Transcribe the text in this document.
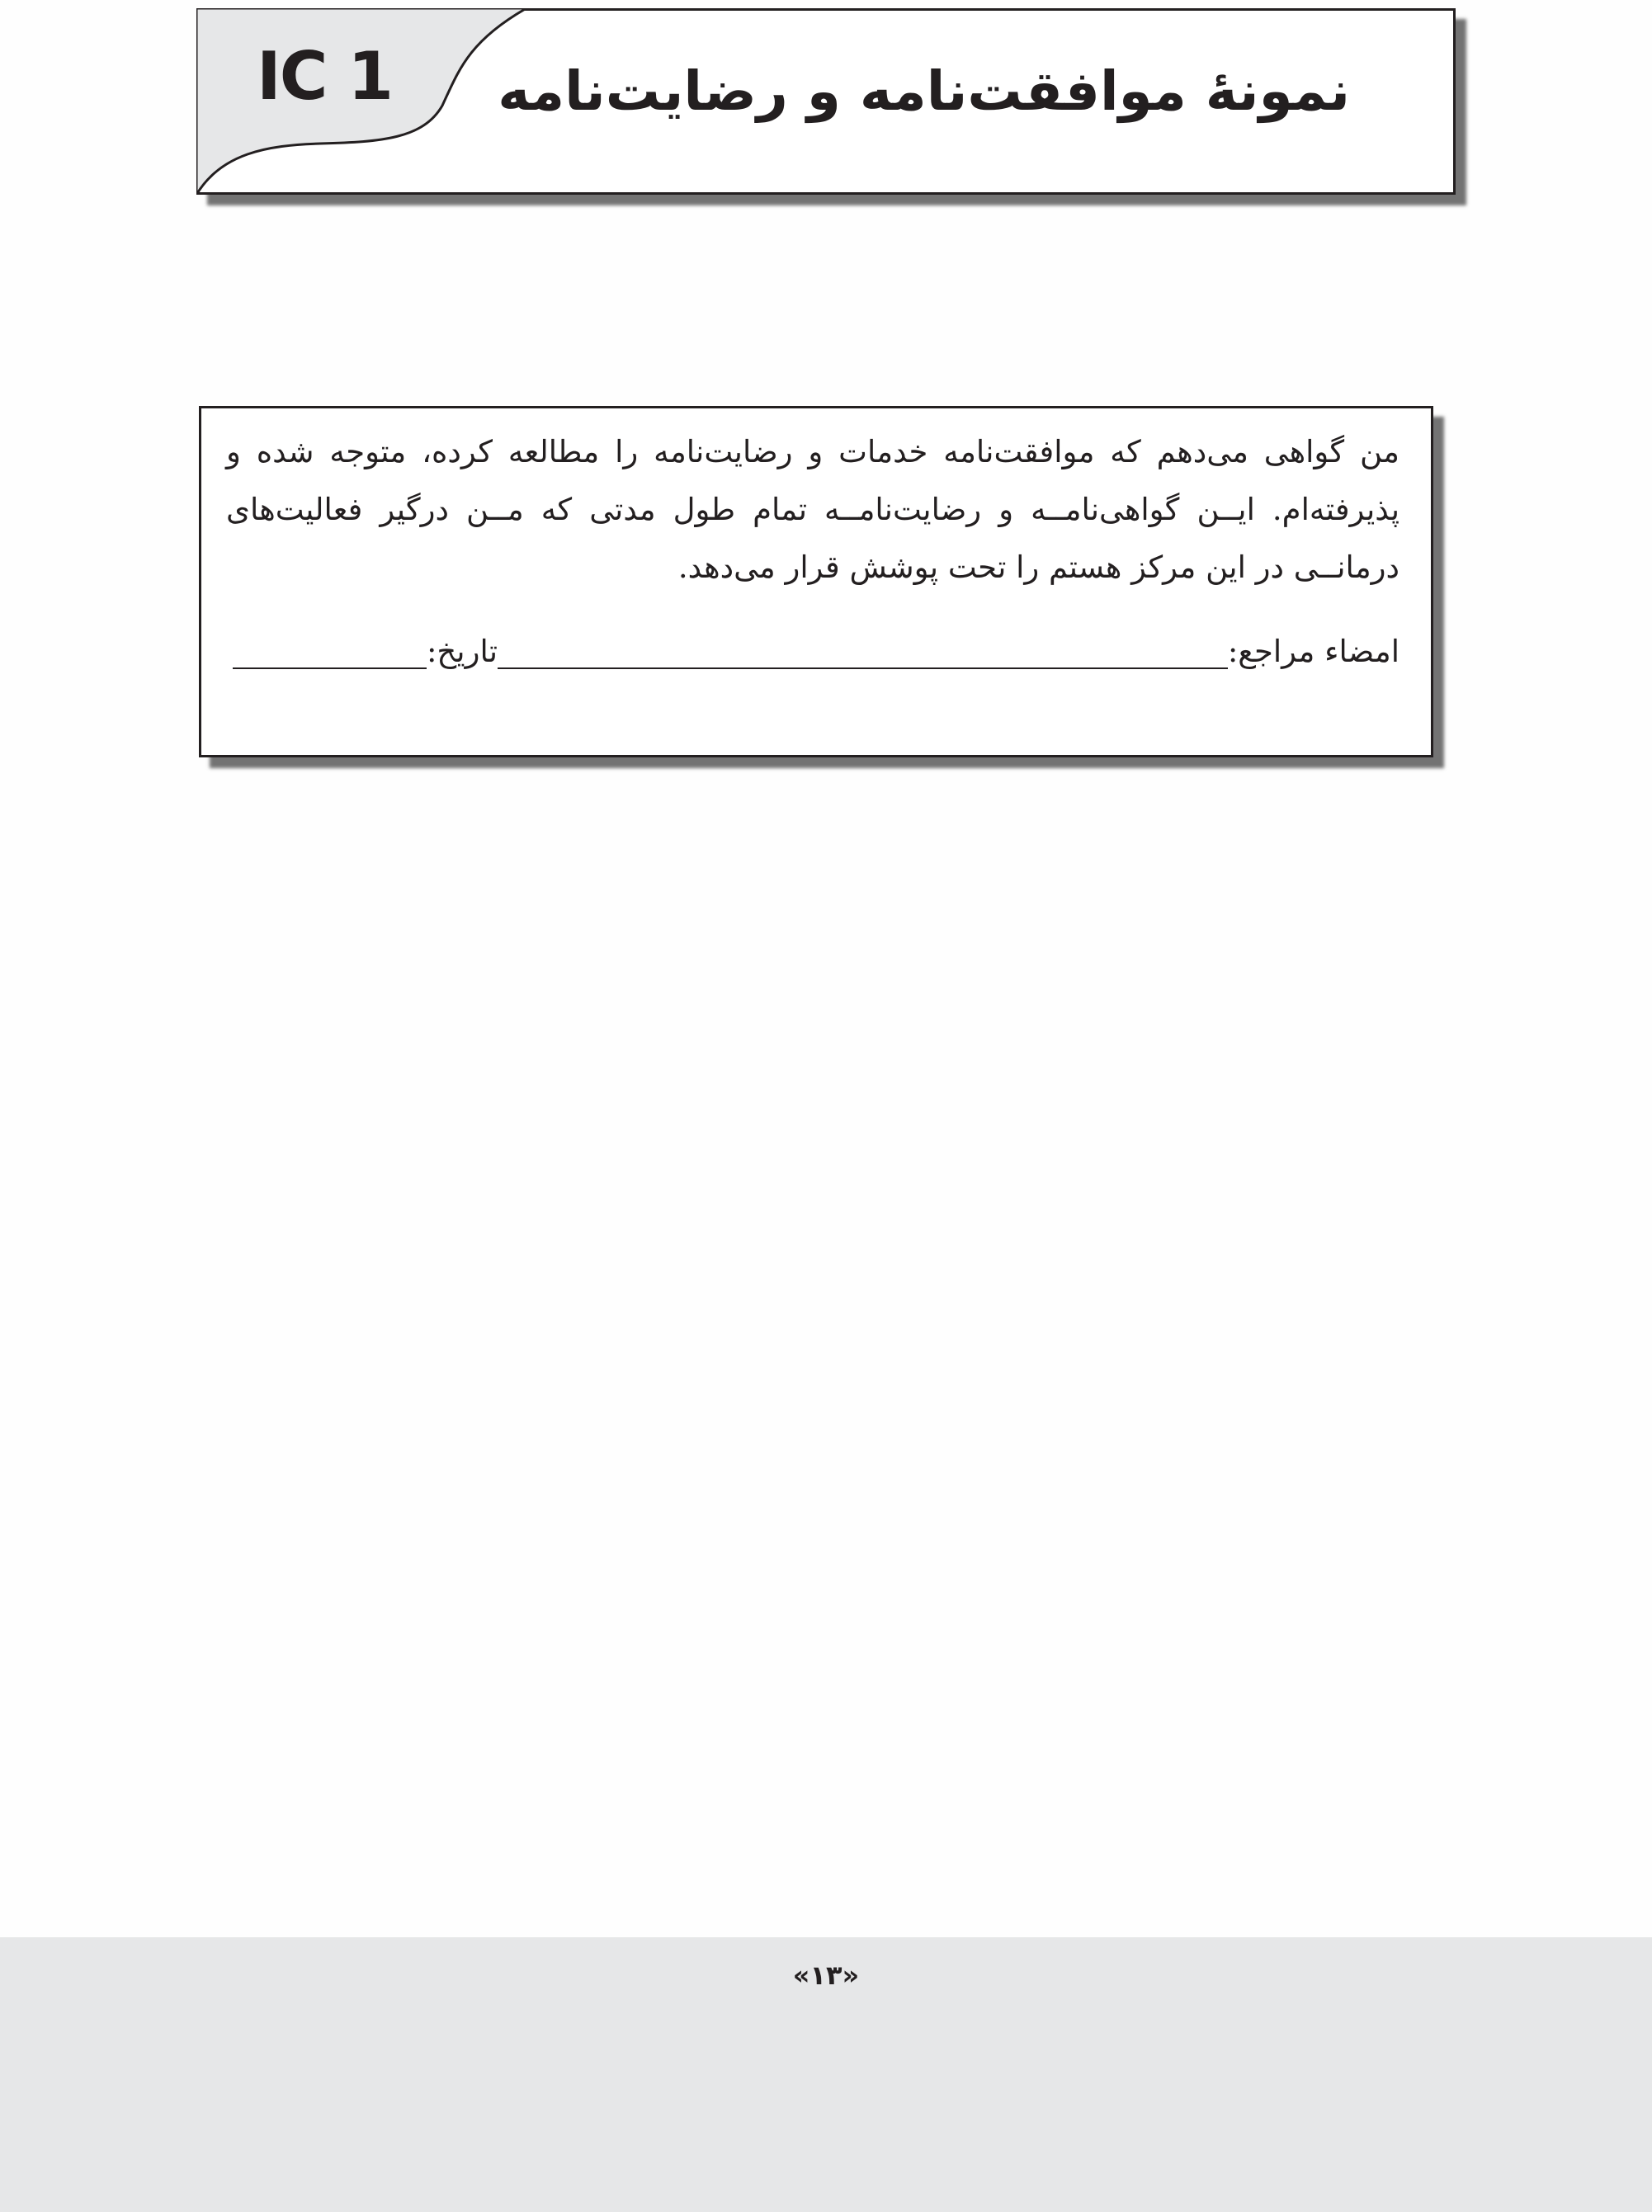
IC 1	نمونۀ موافقت‌نامه و رضایت‌نامه
من گواهی می‌دهم که موافقت‌نامه خدمات و رضایت‌نامه را مطالعه کرده، متوجه شده و پذیرفته‌ام. ایــن گواهی‌نامــه و رضایت‌نامــه تمام طول مدتی که مــن درگیر فعالیت‌های درمانــی در این مرکز هستم را تحت پوشش قرار می‌دهد.
امضاء مراجع:
تاریخ:
«۱۳»
